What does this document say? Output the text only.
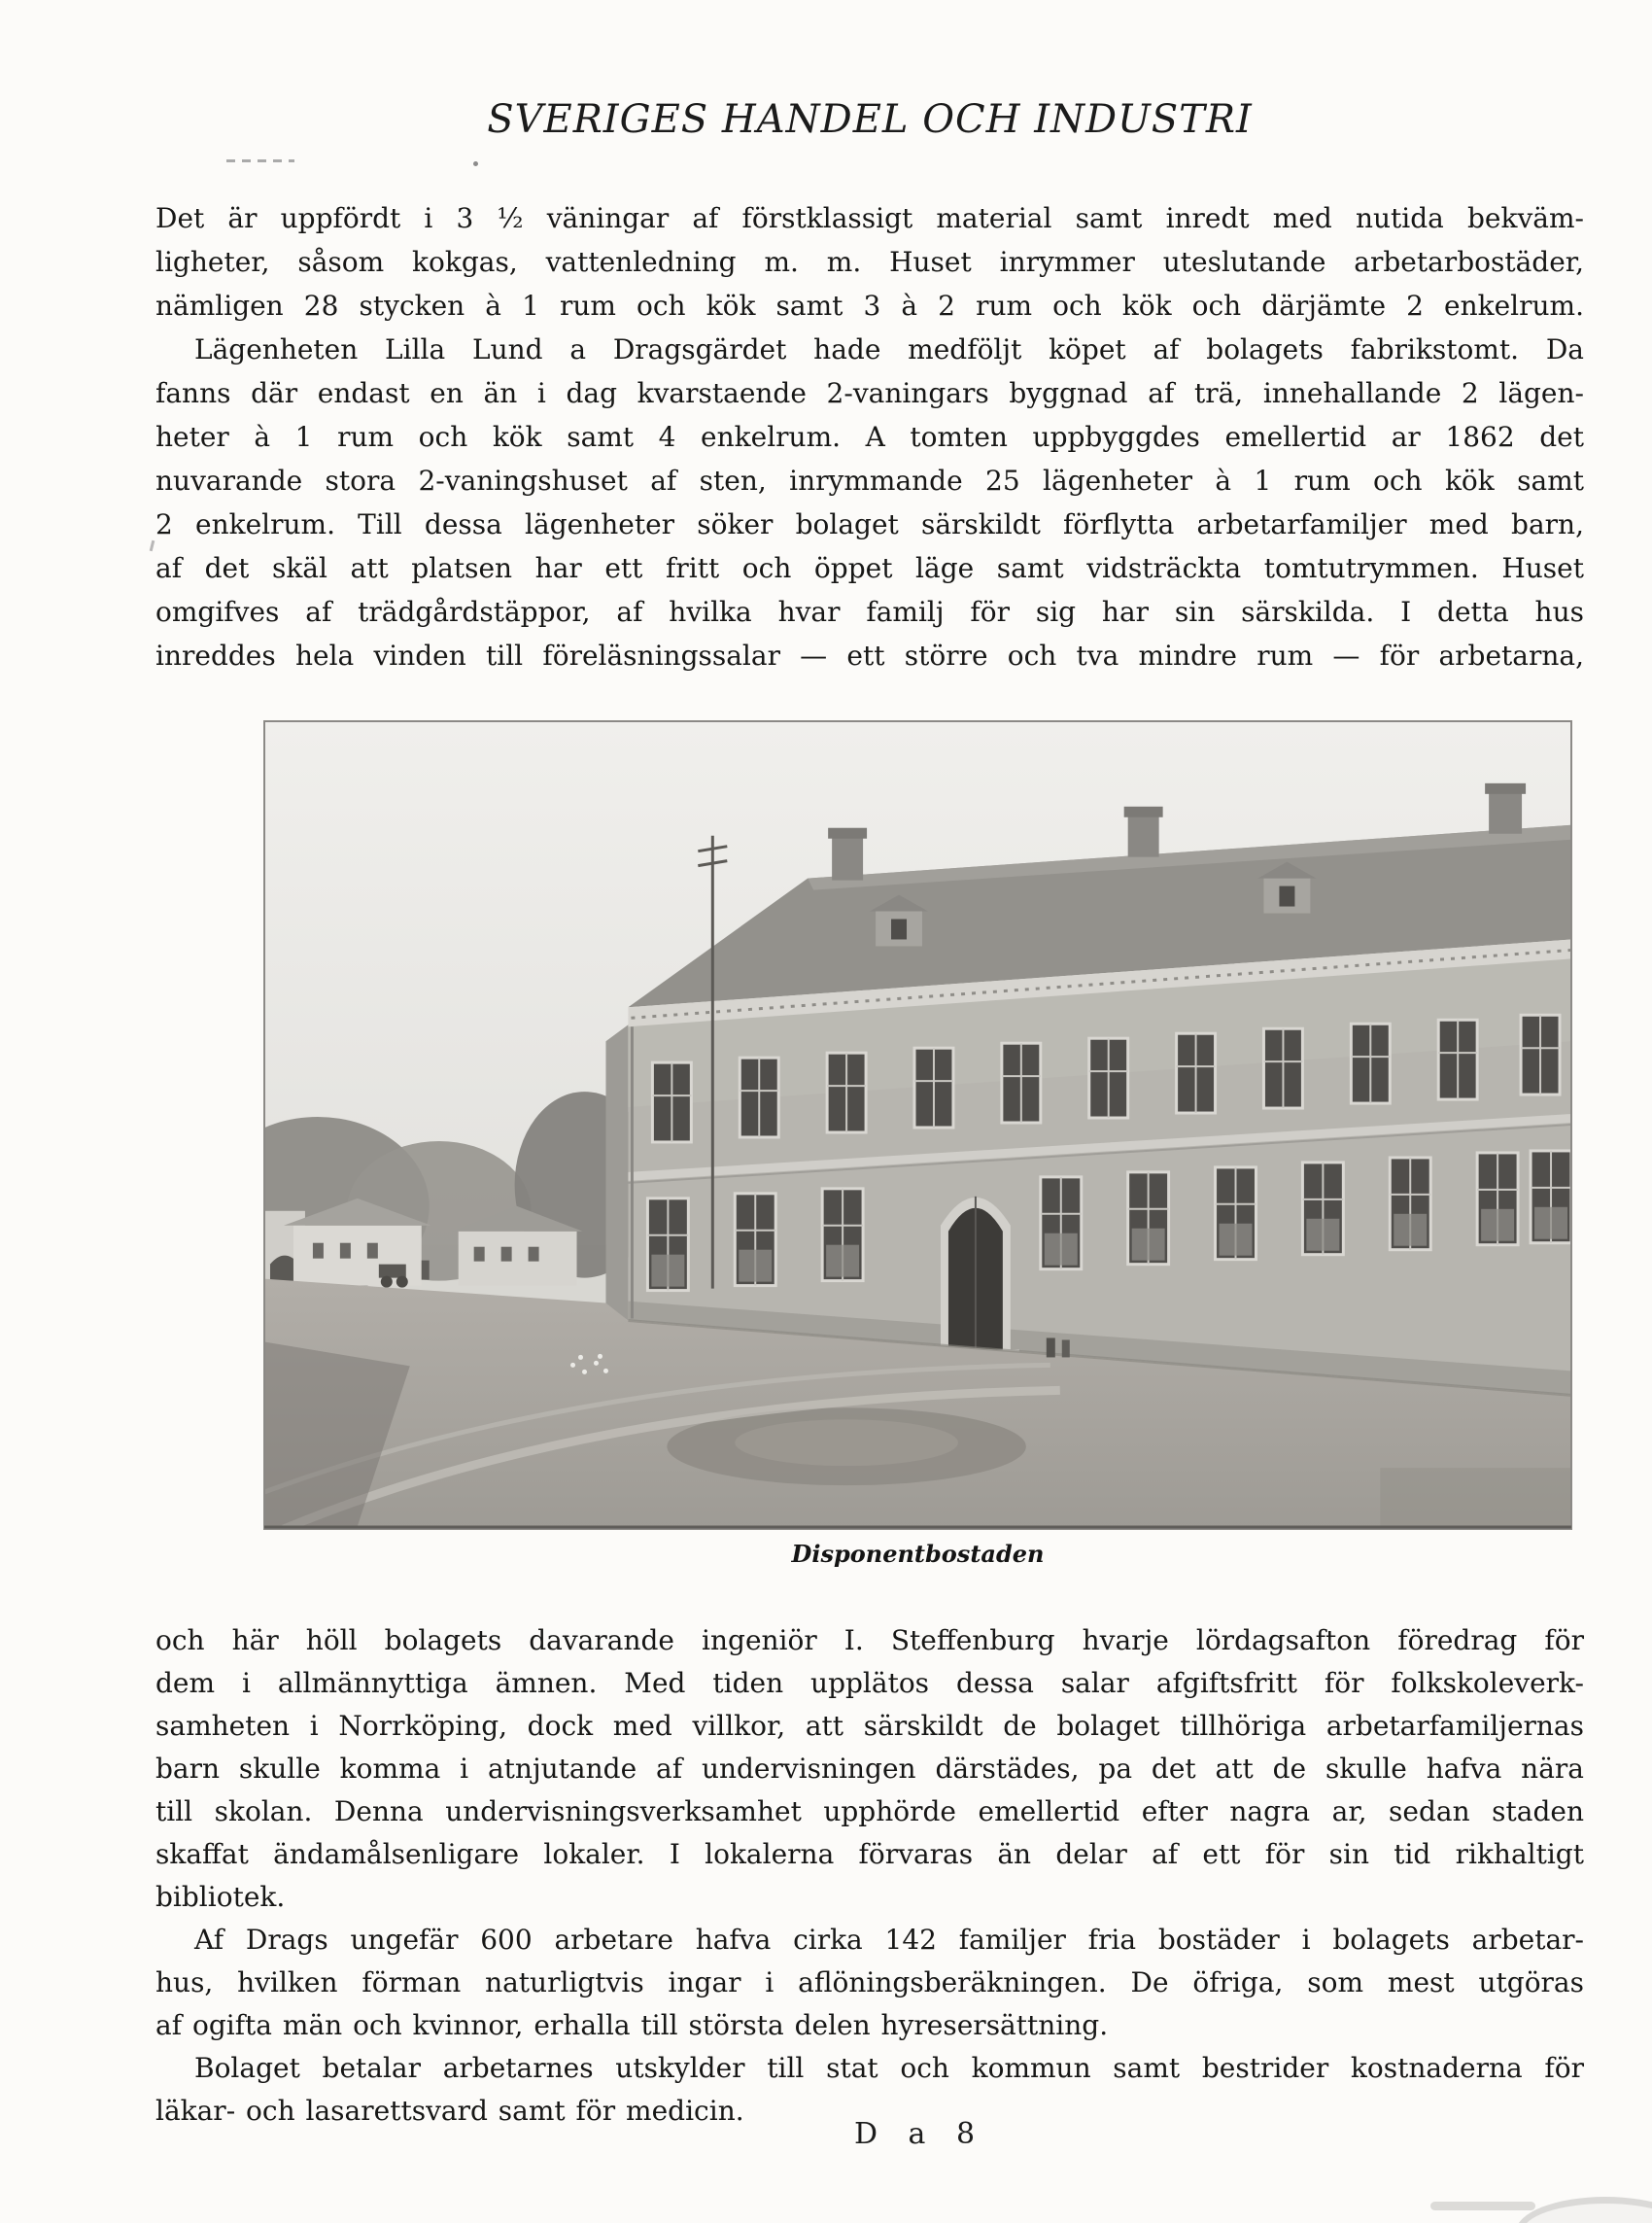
SVERIGES HANDEL OCH INDUSTRI
Det är uppfördt i 3 ½ väningar af förstklassigt material samt inredt med nutida bekväm-
ligheter, såsom kokgas, vattenledning m. m. Huset inrymmer uteslutande arbetarbostäder,
nämligen 28 stycken à 1 rum och kök samt 3 à 2 rum och kök och därjämte 2 enkelrum.
Lägenheten Lilla Lund a Dragsgärdet hade medföljt köpet af bolagets fabrikstomt. Da
fanns där endast en än i dag kvarstaende 2-vaningars byggnad af trä, innehallande 2 lägen-
heter à 1 rum och kök samt 4 enkelrum. A tomten uppbyggdes emellertid ar 1862 det
nuvarande stora 2-vaningshuset af sten, inrymmande 25 lägenheter à 1 rum och kök samt
2 enkelrum. Till dessa lägenheter söker bolaget särskildt förflytta arbetarfamiljer med barn,
af det skäl att platsen har ett fritt och öppet läge samt vidsträckta tomtutrymmen. Huset
omgifves af trädgårdstäppor, af hvilka hvar familj för sig har sin särskilda. I detta hus
inreddes hela vinden till föreläsningssalar — ett större och tva mindre rum — för arbetarna,
Disponentbostaden
och här höll bolagets davarande ingeniör I. Steffenburg hvarje lördagsafton föredrag för
dem i allmännyttiga ämnen. Med tiden upplätos dessa salar afgiftsfritt för folkskoleverk-
samheten i Norrköping, dock med villkor, att särskildt de bolaget tillhöriga arbetarfamiljernas
barn skulle komma i atnjutande af undervisningen därstädes, pa det att de skulle hafva nära
till skolan. Denna undervisningsverksamhet upphörde emellertid efter nagra ar, sedan staden
skaffat ändamålsenligare lokaler. I lokalerna förvaras än delar af ett för sin tid rikhaltigt
bibliotek.
Af Drags ungefär 600 arbetare hafva cirka 142 familjer fria bostäder i bolagets arbetar-
hus, hvilken förman naturligtvis ingar i aflöningsberäkningen. De öfriga, som mest utgöras
af ogifta män och kvinnor, erhalla till största delen hyresersättning.
Bolaget betalar arbetarnes utskylder till stat och kommun samt bestrider kostnaderna för
läkar- och lasarettsvard samt för medicin.
D a 8
